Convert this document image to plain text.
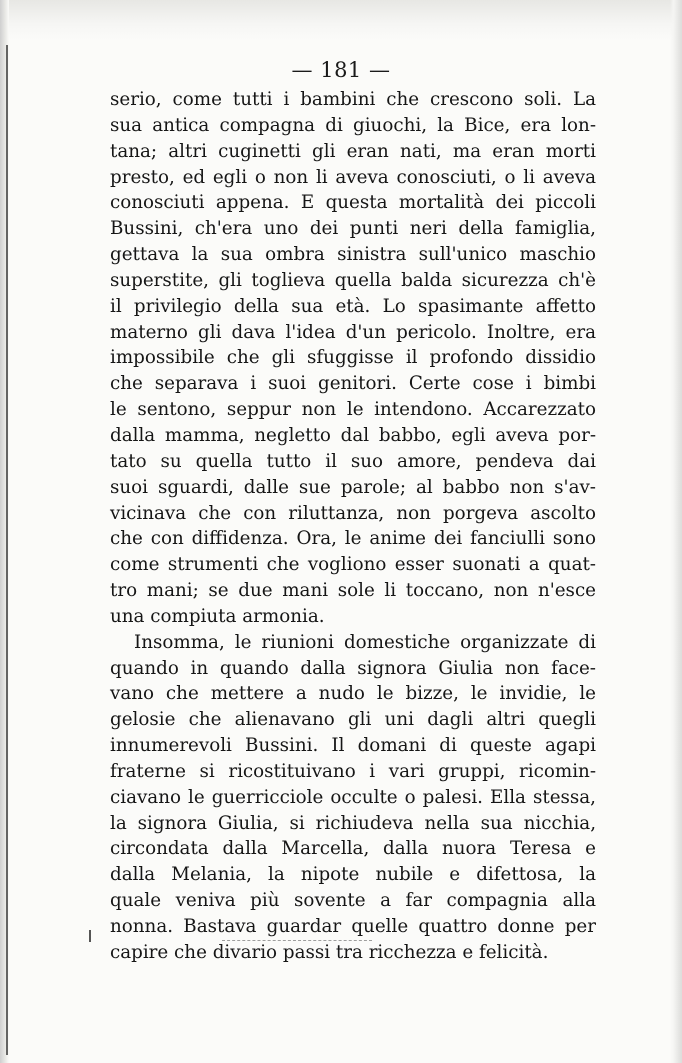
— 181 —
serio, come tutti i bambini che crescono soli. La
sua antica compagna di giuochi, la Bice, era lon-
tana; altri cuginetti gli eran nati, ma eran morti
presto, ed egli o non li aveva conosciuti, o li aveva
conosciuti appena. E questa mortalità dei piccoli
Bussini, ch'era uno dei punti neri della famiglia,
gettava la sua ombra sinistra sull'unico maschio
superstite, gli toglieva quella balda sicurezza ch'è
il privilegio della sua età. Lo spasimante affetto
materno gli dava l'idea d'un pericolo. Inoltre, era
impossibile che gli sfuggisse il profondo dissidio
che separava i suoi genitori. Certe cose i bimbi
le sentono, seppur non le intendono. Accarezzato
dalla mamma, negletto dal babbo, egli aveva por-
tato su quella tutto il suo amore, pendeva dai
suoi sguardi, dalle sue parole; al babbo non s'av-
vicinava che con riluttanza, non porgeva ascolto
che con diffidenza. Ora, le anime dei fanciulli sono
come strumenti che vogliono esser suonati a quat-
tro mani; se due mani sole li toccano, non n'esce
una compiuta armonia.
Insomma, le riunioni domestiche organizzate di
quando in quando dalla signora Giulia non face-
vano che mettere a nudo le bizze, le invidie, le
gelosie che alienavano gli uni dagli altri quegli
innumerevoli Bussini. Il domani di queste agapi
fraterne si ricostituivano i vari gruppi, ricomin-
ciavano le guerricciole occulte o palesi. Ella stessa,
la signora Giulia, si richiudeva nella sua nicchia,
circondata dalla Marcella, dalla nuora Teresa e
dalla Melania, la nipote nubile e difettosa, la
quale veniva più sovente a far compagnia alla
nonna. Bastava guardar quelle quattro donne per
capire che divario passi tra ricchezza e felicità.
